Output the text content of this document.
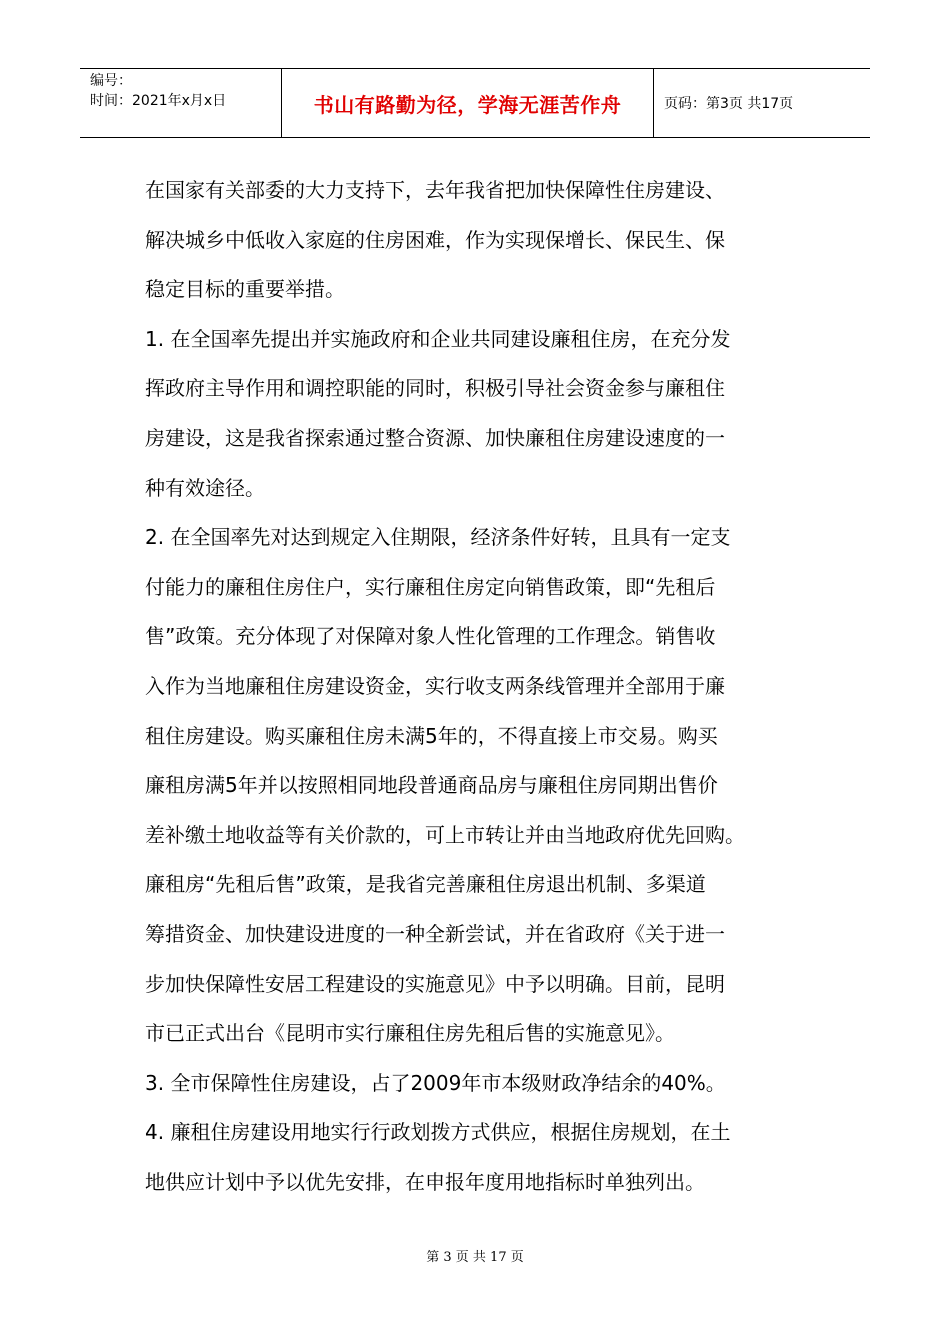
编号：
时间：2021年x月x日	书山有路勤为径，学海无涯苦作舟	页码：第3页 共17页

在国家有关部委的大力支持下，去年我省把加快保障性住房建设、

解决城乡中低收入家庭的住房困难，作为实现保增长、保民生、保

稳定目标的重要举措。

1. 在全国率先提出并实施政府和企业共同建设廉租住房，在充分发

挥政府主导作用和调控职能的同时，积极引导社会资金参与廉租住

房建设，这是我省探索通过整合资源、加快廉租住房建设速度的一

种有效途径。

2. 在全国率先对达到规定入住期限，经济条件好转，且具有一定支

付能力的廉租住房住户，实行廉租住房定向销售政策，即“先租后

售”政策。充分体现了对保障对象人性化管理的工作理念。销售收

入作为当地廉租住房建设资金，实行收支两条线管理并全部用于廉

租住房建设。购买廉租住房未满5年的，不得直接上市交易。购买

廉租房满5年并以按照相同地段普通商品房与廉租住房同期出售价

差补缴土地收益等有关价款的，可上市转让并由当地政府优先回购。

廉租房“先租后售”政策，是我省完善廉租住房退出机制、多渠道

筹措资金、加快建设进度的一种全新尝试，并在省政府《关于进一

步加快保障性安居工程建设的实施意见》中予以明确。目前，昆明

市已正式出台《昆明市实行廉租住房先租后售的实施意见》。

3. 全市保障性住房建设，占了2009年市本级财政净结余的40%。

4. 廉租住房建设用地实行行政划拨方式供应，根据住房规划，在土

地供应计划中予以优先安排，在申报年度用地指标时单独列出。

第 3 页 共 17 页
